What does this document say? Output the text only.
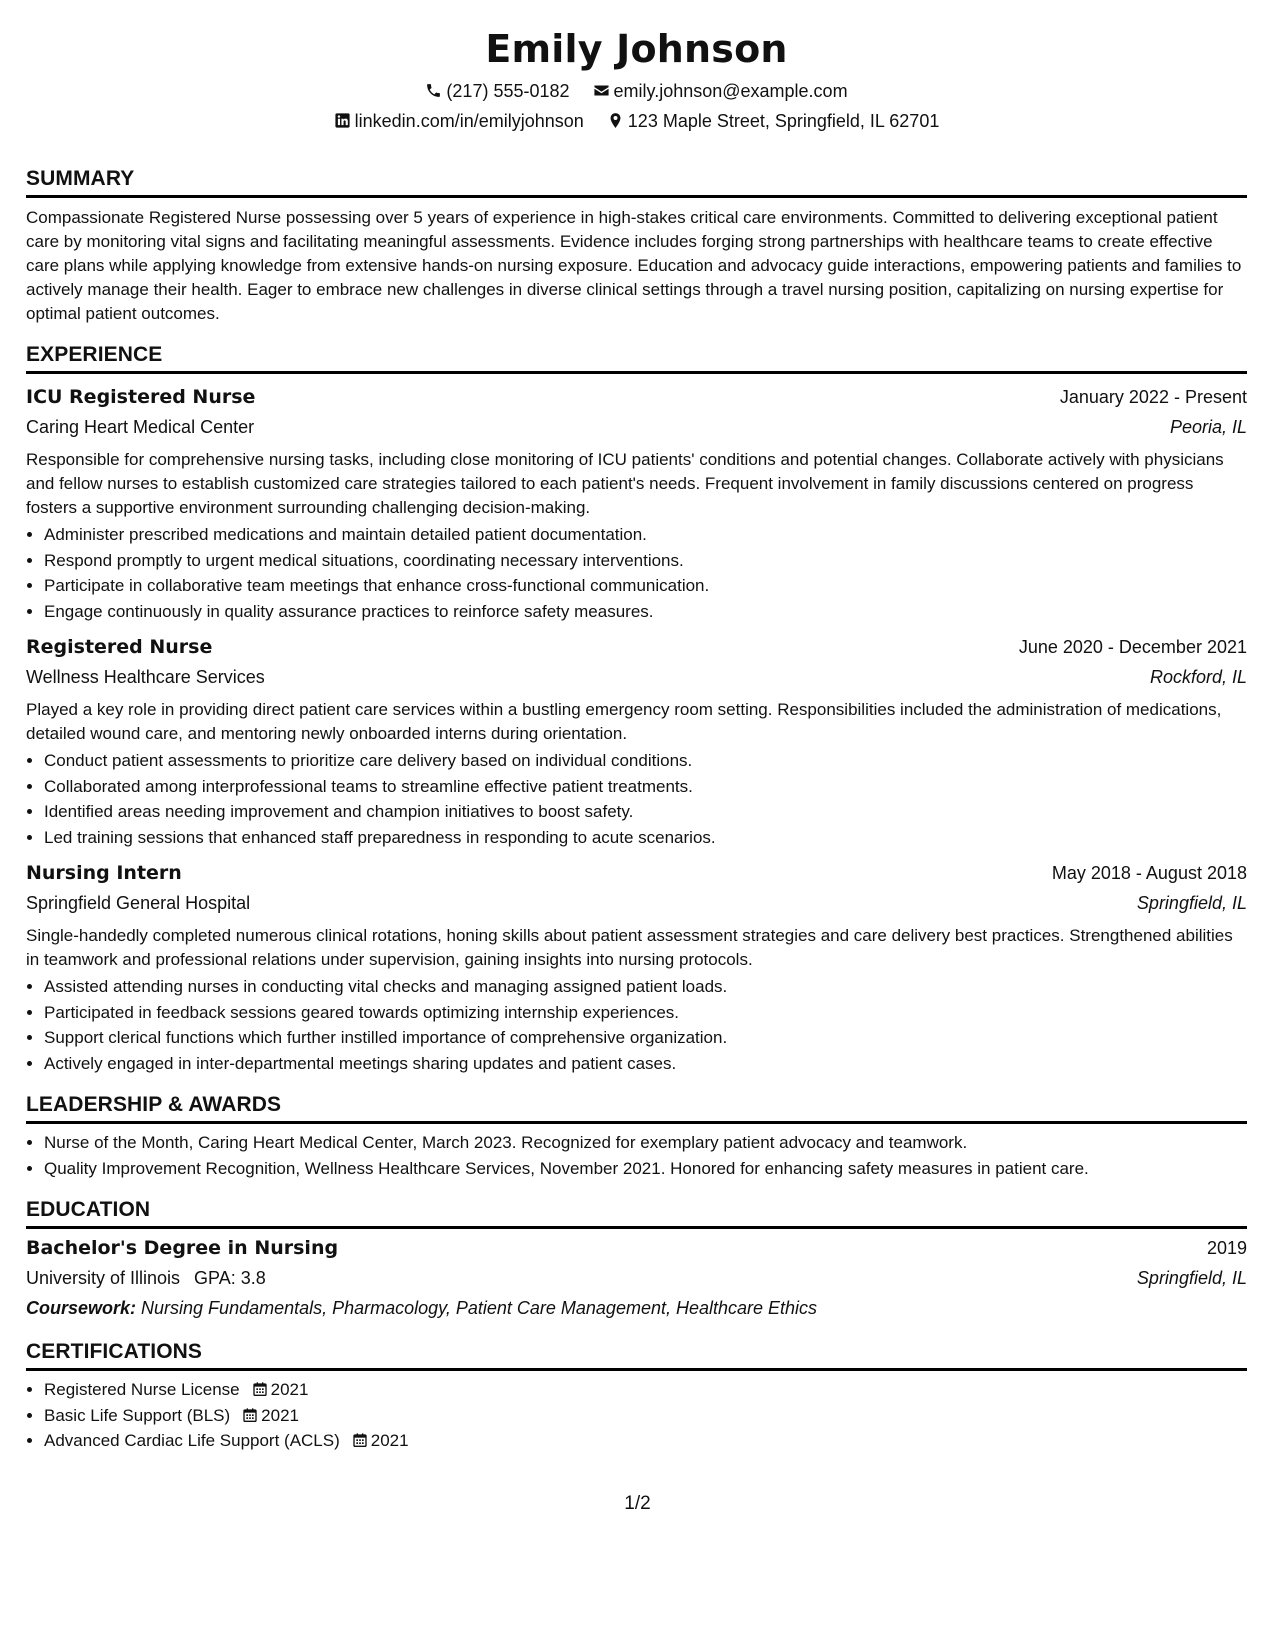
Emily Johnson
(217) 555-0182 emily.johnson@example.com
linkedin.com/in/emilyjohnson 123 Maple Street, Springfield, IL 62701
SUMMARY

Compassionate Registered Nurse possessing over 5 years of experience in high-stakes critical care environments. Committed to delivering exceptional patient care by monitoring vital signs and facilitating meaningful assessments. Evidence includes forging strong partnerships with healthcare teams to create effective care plans while applying knowledge from extensive hands-on nursing exposure. Education and advocacy guide interactions, empowering patients and families to actively manage their health. Eager to embrace new challenges in diverse clinical settings through a travel nursing position, capitalizing on nursing expertise for optimal patient outcomes.

EXPERIENCE
ICU Registered Nurse	January 2022 - Present
Caring Heart Medical Center	Peoria, IL

Responsible for comprehensive nursing tasks, including close monitoring of ICU patients' conditions and potential changes. Collaborate actively with physicians and fellow nurses to establish customized care strategies tailored to each patient's needs. Frequent involvement in family discussions centered on progress fosters a supportive environment surrounding challenging decision-making.

• Administer prescribed medications and maintain detailed patient documentation.
• Respond promptly to urgent medical situations, coordinating necessary interventions.
• Participate in collaborative team meetings that enhance cross-functional communication.
• Engage continuously in quality assurance practices to reinforce safety measures.
Registered Nurse	June 2020 - December 2021
Wellness Healthcare Services	Rockford, IL

Played a key role in providing direct patient care services within a bustling emergency room setting. Responsibilities included the administration of medications, detailed wound care, and mentoring newly onboarded interns during orientation.

• Conduct patient assessments to prioritize care delivery based on individual conditions.
• Collaborated among interprofessional teams to streamline effective patient treatments.
• Identified areas needing improvement and champion initiatives to boost safety.
• Led training sessions that enhanced staff preparedness in responding to acute scenarios.
Nursing Intern	May 2018 - August 2018
Springfield General Hospital	Springfield, IL

Single-handedly completed numerous clinical rotations, honing skills about patient assessment strategies and care delivery best practices. Strengthened abilities in teamwork and professional relations under supervision, gaining insights into nursing protocols.

• Assisted attending nurses in conducting vital checks and managing assigned patient loads.
• Participated in feedback sessions geared towards optimizing internship experiences.
• Support clerical functions which further instilled importance of comprehensive organization.
• Actively engaged in inter-departmental meetings sharing updates and patient cases.
LEADERSHIP & AWARDS
• Nurse of the Month, Caring Heart Medical Center, March 2023. Recognized for exemplary patient advocacy and teamwork.
• Quality Improvement Recognition, Wellness Healthcare Services, November 2021. Honored for enhancing safety measures in patient care.
EDUCATION
Bachelor's Degree in Nursing	2019
University of Illinois GPA: 3.8	Springfield, IL
Coursework: Nursing Fundamentals, Pharmacology, Patient Care Management, Healthcare Ethics
CERTIFICATIONS
• Registered Nurse License 2021
• Basic Life Support (BLS) 2021
• Advanced Cardiac Life Support (ACLS) 2021
1/2
